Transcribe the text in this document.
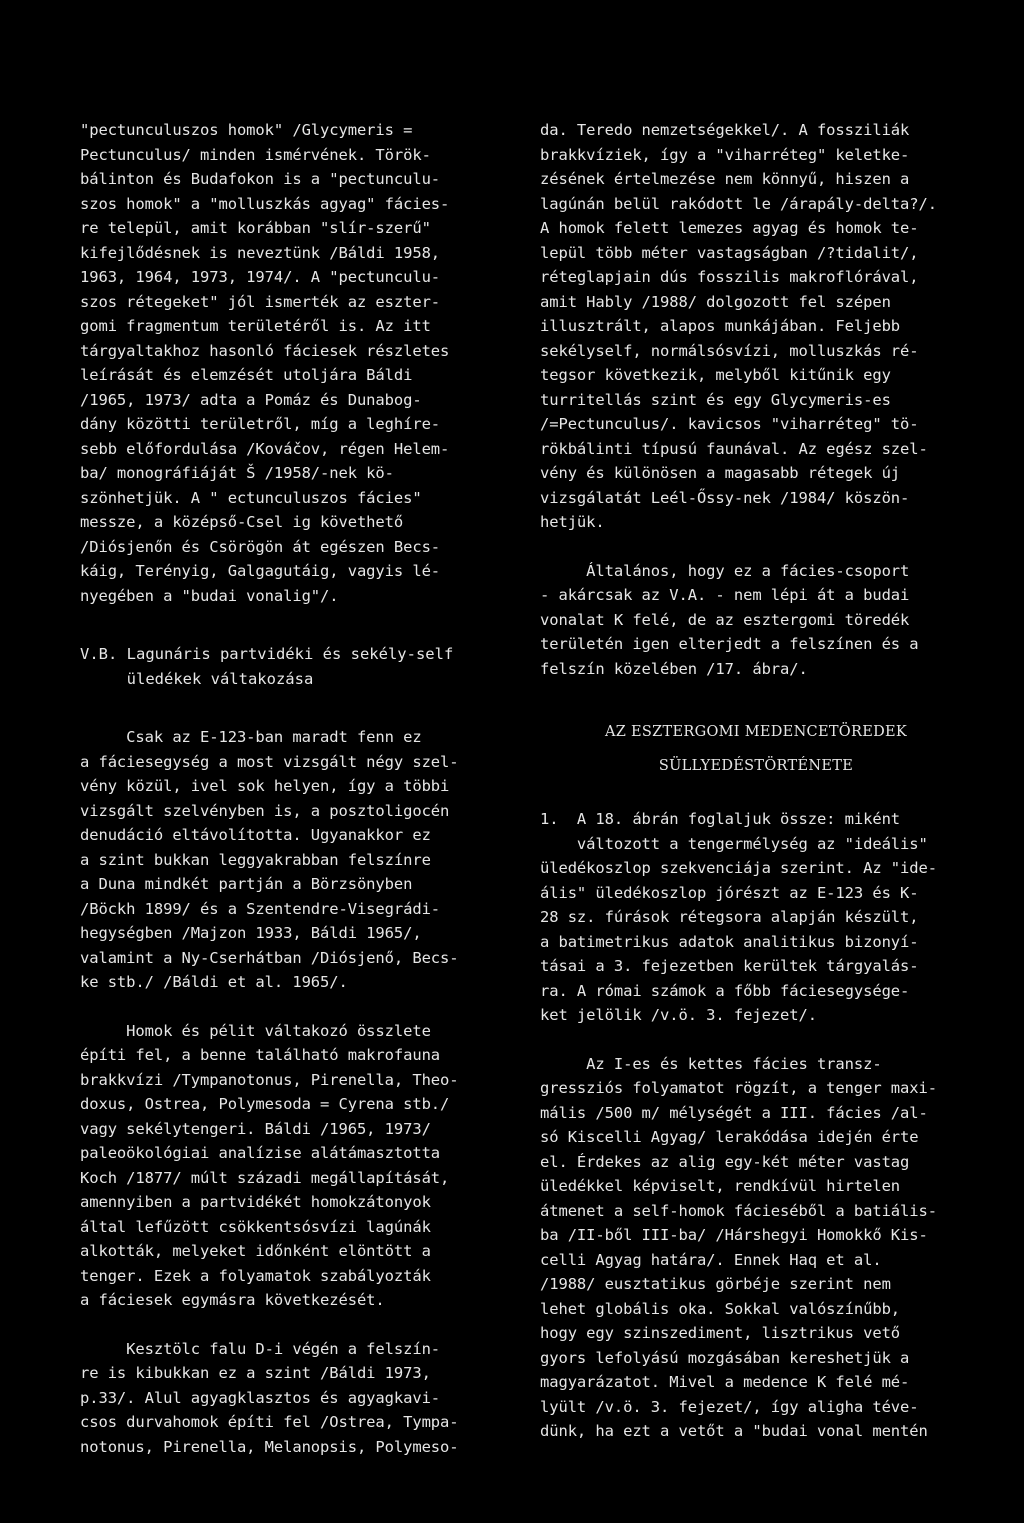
"pectunculuszos homok" /Glycymeris =
Pectunculus/ minden ismérvének. Török-
bálinton és Budafokon is a "pectunculu-
szos homok" a "molluszkás agyag" fácies-
re települ, amit korábban "slír-szerű"
kifejlődésnek is neveztünk /Báldi 1958,
1963, 1964, 1973, 1974/. A "pectunculu-
szos rétegeket" jól ismerték az eszter-
gomi fragmentum területéről is. Az itt
tárgyaltakhoz hasonló fáciesek részletes
leírását és elemzését utoljára Báldi
/1965, 1973/ adta a Pomáz és Dunabog-
dány közötti területről, míg a leghíre-
sebb előfordulása /Kováčov, régen Helem-
ba/ monográfiáját Š /1958/-nek kö-
szönhetjük. A " ectunculuszos fácies"
messze, a középső-Csel ig követhető
/Diósjenőn és Csörögön át egészen Becs-
káig, Terényig, Galgagutáig, vagyis lé-
nyegében a "budai vonalig"/.

V.B. Lagunáris partvidéki és sekély-self
üledékek váltakozása

Csak az E-123-ban maradt fenn ez
a fáciesegység a most vizsgált négy szel-
vény közül, ivel sok helyen, így a többi
vizsgált szelvényben is, a posztoligocén
denudáció eltávolította. Ugyanakkor ez
a szint bukkan leggyakrabban felszínre
a Duna mindkét partján a Börzsönyben
/Böckh 1899/ és a Szentendre-Visegrádi-
hegységben /Majzon 1933, Báldi 1965/,
valamint a Ny-Cserhátban /Diósjenő, Becs-
ke stb./ /Báldi et al. 1965/.

Homok és pélit váltakozó összlete
építi fel, a benne található makrofauna
brakkvízi /Tympanotonus, Pirenella, Theo-
doxus, Ostrea, Polymesoda = Cyrena stb./
vagy sekélytengeri. Báldi /1965, 1973/
paleoökológiai analízise alátámasztotta
Koch /1877/ múlt századi megállapítását,
amennyiben a partvidékét homokzátonyok
által lefűzött csökkentsósvízi lagúnák
alkották, melyeket időnként elöntött a
tenger. Ezek a folyamatok szabályozták
a fáciesek egymásra következését.

Kesztölc falu D-i végén a felszín-
re is kibukkan ez a szint /Báldi 1973,
p.33/. Alul agyagklasztos és agyagkavi-
csos durvahomok építi fel /Ostrea, Tympa-
notonus, Pirenella, Melanopsis, Polymeso-

da. Teredo nemzetségekkel/. A fossziliák
brakkvíziek, így a "viharréteg" keletke-
zésének értelmezése nem könnyű, hiszen a
lagúnán belül rakódott le /árapály-delta?/.
A homok felett lemezes agyag és homok te-
lepül több méter vastagságban /?tidalit/,
réteglapjain dús fosszilis makroflórával,
amit Hably /1988/ dolgozott fel szépen
illusztrált, alapos munkájában. Feljebb
sekélyself, normálsósvízi, molluszkás ré-
tegsor következik, melyből kitűnik egy
turritellás szint és egy Glycymeris-es
/=Pectunculus/. kavicsos "viharréteg" tö-
rökbálinti típusú faunával. Az egész szel-
vény és különösen a magasabb rétegek új
vizsgálatát Leél-Őssy-nek /1984/ köszön-
hetjük.

Általános, hogy ez a fácies-csoport
- akárcsak az V.A. - nem lépi át a budai
vonalat K felé, de az esztergomi töredék
területén igen elterjedt a felszínen és a
felszín közelében /17. ábra/.

AZ ESZTERGOMI MEDENCETÖREDEK
SÜLLYEDÉSTÖRTÉNETE

1.  A 18. ábrán foglaljuk össze: miként
változott a tengermélység az "ideális"
üledékoszlop szekvenciája szerint. Az "ide-
ális" üledékoszlop jórészt az E-123 és K-
28 sz. fúrások rétegsora alapján készült,
a batimetrikus adatok analitikus bizonyí-
tásai a 3. fejezetben kerültek tárgyalás-
ra. A római számok a főbb fáciesegysége-
ket jelölik /v.ö. 3. fejezet/.

Az I-es és kettes fácies transz-
gressziós folyamatot rögzít, a tenger maxi-
mális /500 m/ mélységét a III. fácies /al-
só Kiscelli Agyag/ lerakódása idején érte
el. Érdekes az alig egy-két méter vastag
üledékkel képviselt, rendkívül hirtelen
átmenet a self-homok fácieséből a batiális-
ba /II-ből III-ba/ /Hárshegyi Homokkő Kis-
celli Agyag határa/. Ennek Haq et al.
/1988/ eusztatikus görbéje szerint nem
lehet globális oka. Sokkal valószínűbb,
hogy egy szinszediment, lisztrikus vető
gyors lefolyású mozgásában kereshetjük a
magyarázatot. Mivel a medence K felé mé-
lyült /v.ö. 3. fejezet/, így aligha téve-
dünk, ha ezt a vetőt a "budai vonal mentén
